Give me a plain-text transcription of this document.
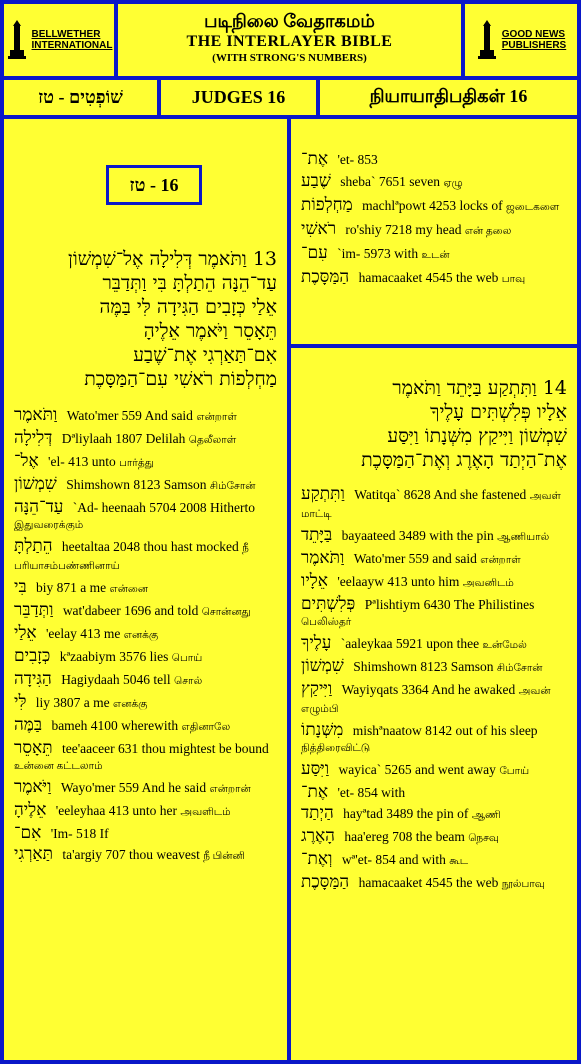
BELLWETHER
INTERNATIONAL
படிநிலை வேதாகமம்
THE INTERLAYER BIBLE
(WITH STRONG'S NUMBERS)
GOOD NEWS
PUBLISHERS
שׁוֹפְטִים - טז	JUDGES 16	நியாயாதிபதிகள் 16
13 וַתֹּאמֶר דְּלִילָה אֶל־שִׁמְשׁוֹן
עַד־הֵנָּה הֵתַלְתָּ בִּי וַתְּדַבֵּר
אֵלַי כְּזָבִים הַגִּידָה לִּי בַּמֶּה
תֵּאָסֵר וַיֹּאמֶר אֵלֶיהָ
אִם־תַּאַרְגִי אֶת־שֶׁבַע
מַחְלְפוֹת רֹאשִׁי עִם־הַמַּסָּכֶת
וַתֹּאמֶר Wato'mer 559 And said என்றாள்
דְּלִילָה Dªliylaah 1807 Delilah தெலீலாள்
אֶל־ 'el- 413 unto பார்த்து
שִׁמְשׁוֹן Shimshown 8123 Samson சிம்சோன்
עַד־הֵנָּה `Ad- heenaah 5704 2008 Hitherto இதுவரைக்கும்
הֵתַלְתָּ heetaltaa 2048 thou hast mocked நீ பரியாசம்பண்ணினாய்
בִּי biy 871 a me என்னை
וַתְּדַבֵּר wat'dabeer 1696 and told சொன்னது
אֵלַי 'eelay 413 me எனக்கு
כְּזָבִים kªzaabiym 3576 lies பொய்
הַגִּידָה Hagiydaah 5046 tell சொல்
לִּי liy 3807 a me எனக்கு
בַּמֶּה bameh 4100 wherewith எதினாலே
תֵּאָסֵר tee'aaceer 631 thou mightest be bound உன்னை கட்டலாம்
וַיֹּאמֶר Wayo'mer 559 And he said என்றான்
אֵלֶיהָ 'eeleyhaa 413 unto her அவளிடம்
אִם־ 'Im- 518 If
תַּאַרְגִי ta'argiy 707 thou weavest நீ பின்னி
16 - טז
אֶת־ 'et- 853
שֶׁבַע sheba` 7651 seven ஏழு
מַחְלְפוֹת machlªpowt 4253 locks of ஜடைகளை
רֹאשִׁי ro'shiy 7218 my head என் தலை
עִם־ `im- 5973 with உடன்
הַמַּסָּכֶת hamacaaket 4545 the web பாவு
14 וַתִּתְקַע בַּיָּתֵד וַתֹּאמֶר
אֵלָיו פְּלִשְׁתִּים עָלֶיךָ
שִׁמְשׁוֹן וַיִּיקַץ מִשְּׁנָתוֹ וַיִּסַּע
אֶת־הַיְתַד הָאֶרֶג וְאֶת־הַמַּסָּכֶת
וַתִּתְקַע Watitqa` 8628 And she fastened அவள் மாட்டி
בַּיָּתֵד bayaateed 3489 with the pin ஆணியால்
וַתֹּאמֶר Wato'mer 559 and said என்றாள்
אֵלָיו 'eelaayw 413 unto him அவனிடம்
פְּלִשְׁתִּים Pªlishtiym 6430 The Philistines பெலிஸ்தர்
עָלֶיךָ `aaleykaa 5921 upon thee உன்மேல்
שִׁמְשׁוֹן Shimshown 8123 Samson சிம்சோன்
וַיִּיקַץ Wayiyqats 3364 And he awaked அவன் எழும்பி
מִשְּׁנָתוֹ mishªnaatow 8142 out of his sleep நித்திரைவிட்டு
וַיִּסַּע wayica` 5265 and went away போய்
אֶת־ 'et- 854 with
הַיְתַד hayªtad 3489 the pin of ஆணி
הָאֶרֶג haa'ereg 708 the beam நெசவு
וְאֶת־ wª'et- 854 and with கூட
הַמַּסָּכֶת hamacaaket 4545 the web நூல்பாவு
